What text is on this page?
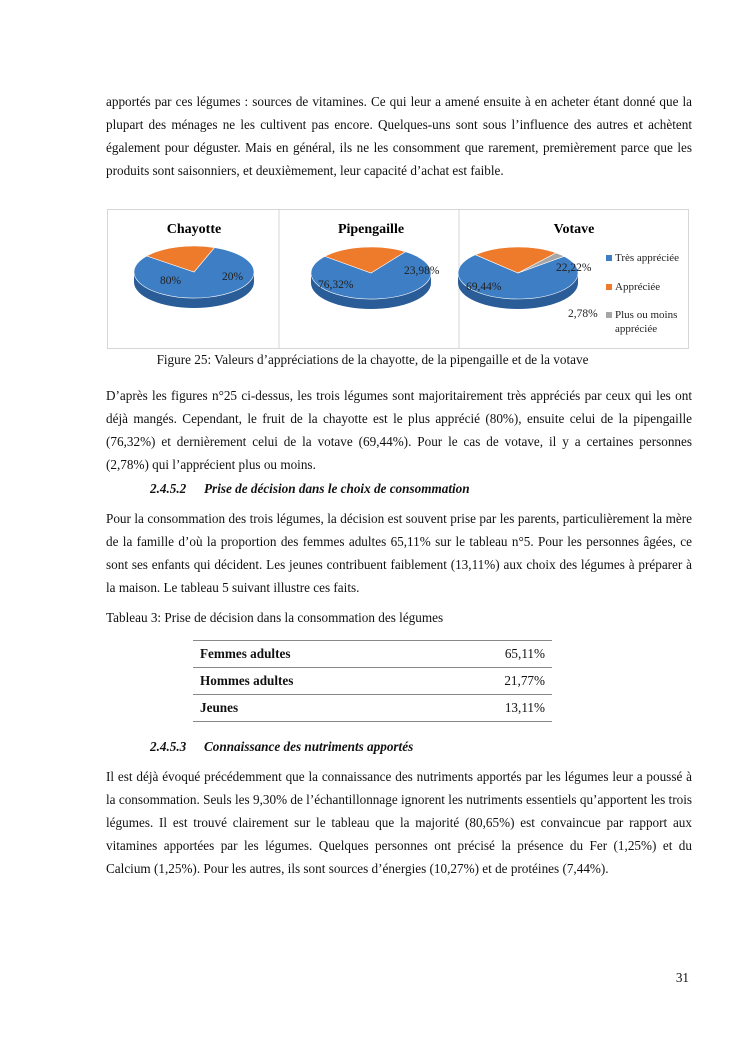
apportés par ces légumes : sources de vitamines. Ce qui leur a amené ensuite à en acheter étant donné que la plupart des ménages ne les cultivent pas encore. Quelques-uns sont sous l’influence des autres et achètent également pour déguster. Mais en général, ils ne les consomment que rarement, premièrement parce que les produits sont saisonniers, et deuxièmement, leur capacité d’achat est faible.

Chayotte	Pipengaille	Votave
80%	20%
76,32%
23,98%
69,44%
22,22%
2,78%
Très appréciée
Appréciée
Plus ou moins
appréciée
Figure 25: Valeurs d’appréciations de la chayotte, de la pipengaille et de la votave

D’après les figures n°25 ci-dessus, les trois légumes sont majoritairement très appréciés par ceux qui les ont déjà mangés. Cependant, le fruit de la chayotte est le plus apprécié (80%), ensuite celui de la pipengaille (76,32%) et dernièrement celui de la votave (69,44%). Pour le cas de votave, il y a certaines personnes (2,78%) qui l’apprécient plus ou moins.

2.4.5.2 Prise de décision dans le choix de consommation

Pour la consommation des trois légumes, la décision est souvent prise par les parents, particulièrement la mère de la famille d’où la proportion des femmes adultes 65,11% sur le tableau n°5. Pour les personnes âgées, ce sont ses enfants qui décident. Les jeunes contribuent faiblement (13,11%) aux choix des légumes à préparer à la maison. Le tableau 5 suivant illustre ces faits.

Tableau 3: Prise de décision dans la consommation des légumes
Femmes adultes	65,11%
Hommes adultes	21,77%
Jeunes	13,11%
2.4.5.3 Connaissance des nutriments apportés

Il est déjà évoqué précédemment que la connaissance des nutriments apportés par les légumes leur a poussé à la consommation. Seuls les 9,30% de l’échantillonnage ignorent les nutriments essentiels qu’apportent les trois légumes. Il est trouvé clairement sur le tableau que la majorité (80,65%) est convaincue par rapport aux vitamines apportées par les légumes. Quelques personnes ont précisé la présence du Fer (1,25%) et du Calcium (1,25%). Pour les autres, ils sont sources d’énergies (10,27%) et de protéines (7,44%).

31
